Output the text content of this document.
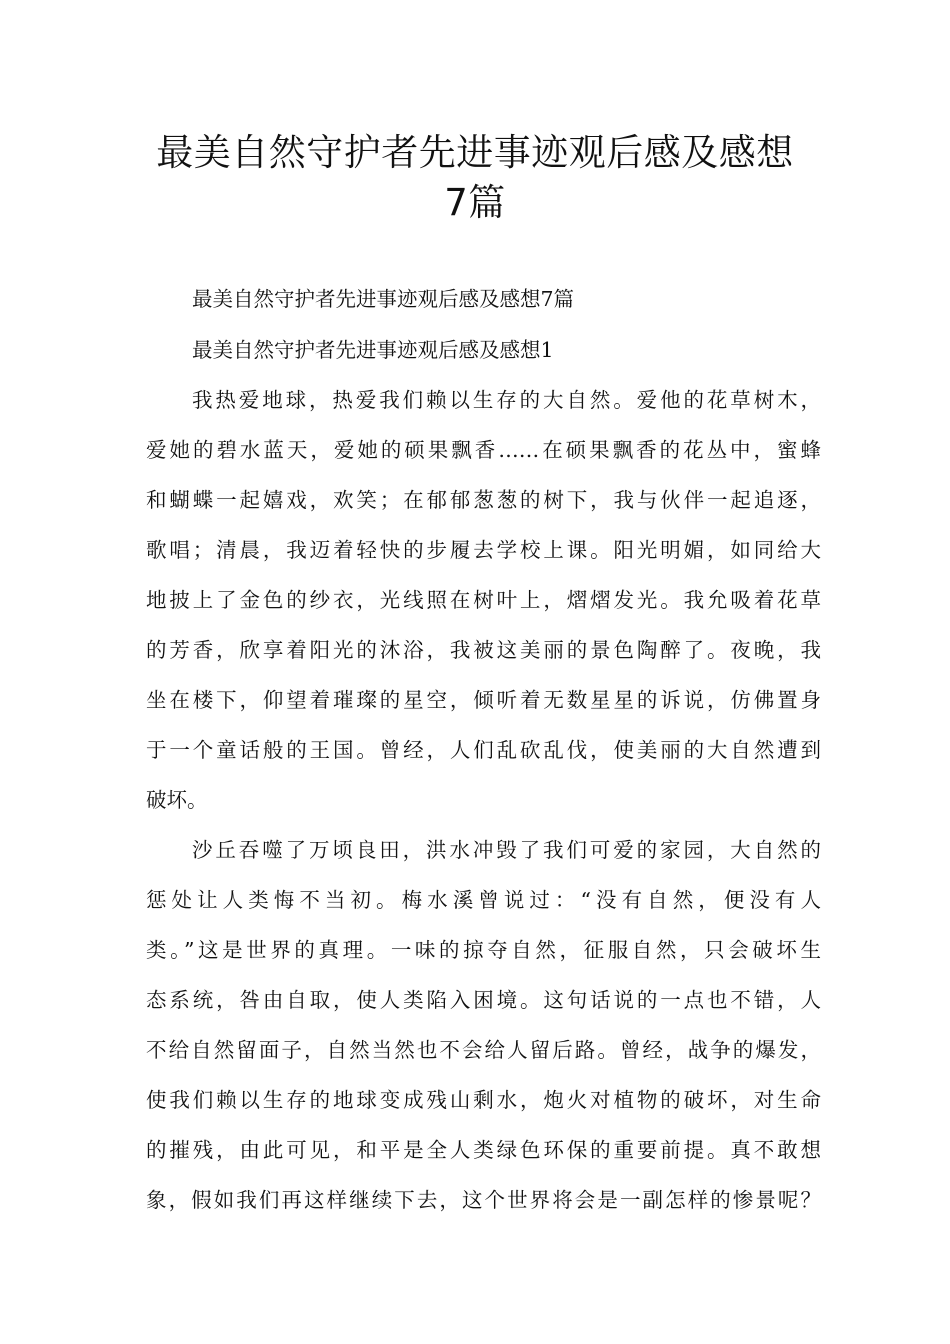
最美自然守护者先进事迹观后感及感想
7篇
最美自然守护者先进事迹观后感及感想7篇
最美自然守护者先进事迹观后感及感想1
我热爱地球，热爱我们赖以生存的大自然。爱他的花草树木，
爱她的碧水蓝天，爱她的硕果飘香……在硕果飘香的花丛中，蜜蜂
和蝴蝶一起嬉戏，欢笑；在郁郁葱葱的树下，我与伙伴一起追逐，
歌唱；清晨，我迈着轻快的步履去学校上课。阳光明媚，如同给大
地披上了金色的纱衣，光线照在树叶上，熠熠发光。我允吸着花草
的芳香，欣享着阳光的沐浴，我被这美丽的景色陶醉了。夜晚，我
坐在楼下，仰望着璀璨的星空，倾听着无数星星的诉说，仿佛置身
于一个童话般的王国。曾经，人们乱砍乱伐，使美丽的大自然遭到
破坏。
沙丘吞噬了万顷良田，洪水冲毁了我们可爱的家园，大自然的
惩处让人类悔不当初。梅水溪曾说过：“没有自然，便没有人
类。”这是世界的真理。一味的掠夺自然，征服自然，只会破坏生
态系统，咎由自取，使人类陷入困境。这句话说的一点也不错，人
不给自然留面子，自然当然也不会给人留后路。曾经，战争的爆发，
使我们赖以生存的地球变成残山剩水，炮火对植物的破坏，对生命
的摧残，由此可见，和平是全人类绿色环保的重要前提。真不敢想
象，假如我们再这样继续下去，这个世界将会是一副怎样的惨景呢？
